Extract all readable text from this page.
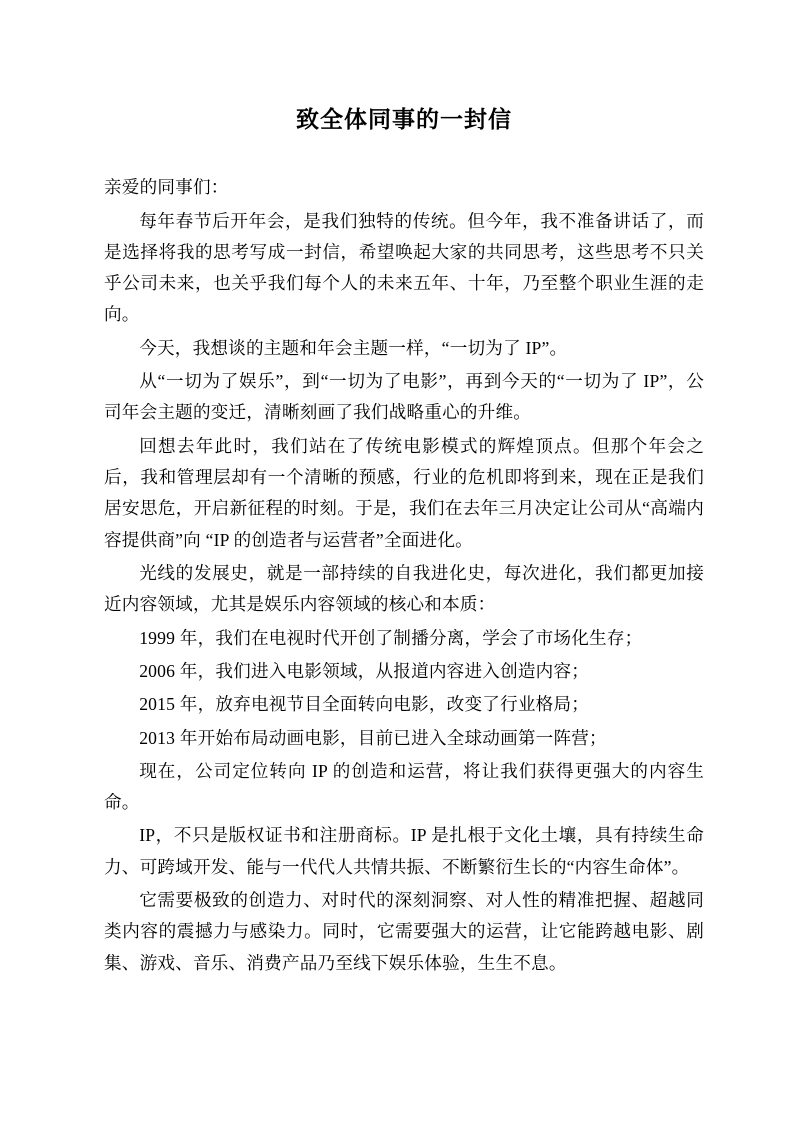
致全体同事的一封信

亲爱的同事们：

每年春节后开年会，是我们独特的传统。但今年，我不准备讲话了，而是选择将我的思考写成一封信，希望唤起大家的共同思考，这些思考不只关乎公司未来，也关乎我们每个人的未来五年、十年，乃至整个职业生涯的走向。

今天，我想谈的主题和年会主题一样，“一切为了 IP”。

从“一切为了娱乐”，到“一切为了电影”，再到今天的“一切为了 IP”，公司年会主题的变迁，清晰刻画了我们战略重心的升维。

回想去年此时，我们站在了传统电影模式的辉煌顶点。但那个年会之后，我和管理层却有一个清晰的预感，行业的危机即将到来，现在正是我们居安思危，开启新征程的时刻。于是，我们在去年三月决定让公司从“高端内容提供商”向 “IP 的创造者与运营者”全面进化。

光线的发展史，就是一部持续的自我进化史，每次进化，我们都更加接近内容领域，尤其是娱乐内容领域的核心和本质：

1999 年，我们在电视时代开创了制播分离，学会了市场化生存；

2006 年，我们进入电影领域，从报道内容进入创造内容；

2015 年，放弃电视节目全面转向电影，改变了行业格局；

2013 年开始布局动画电影，目前已进入全球动画第一阵营；

现在，公司定位转向 IP 的创造和运营，将让我们获得更强大的内容生命。

IP，不只是版权证书和注册商标。IP 是扎根于文化土壤，具有持续生命力、可跨域开发、能与一代代人共情共振、不断繁衍生长的“内容生命体”。

它需要极致的创造力、对时代的深刻洞察、对人性的精准把握、超越同类内容的震撼力与感染力。同时，它需要强大的运营，让它能跨越电影、剧集、游戏、音乐、消费产品乃至线下娱乐体验，生生不息。
